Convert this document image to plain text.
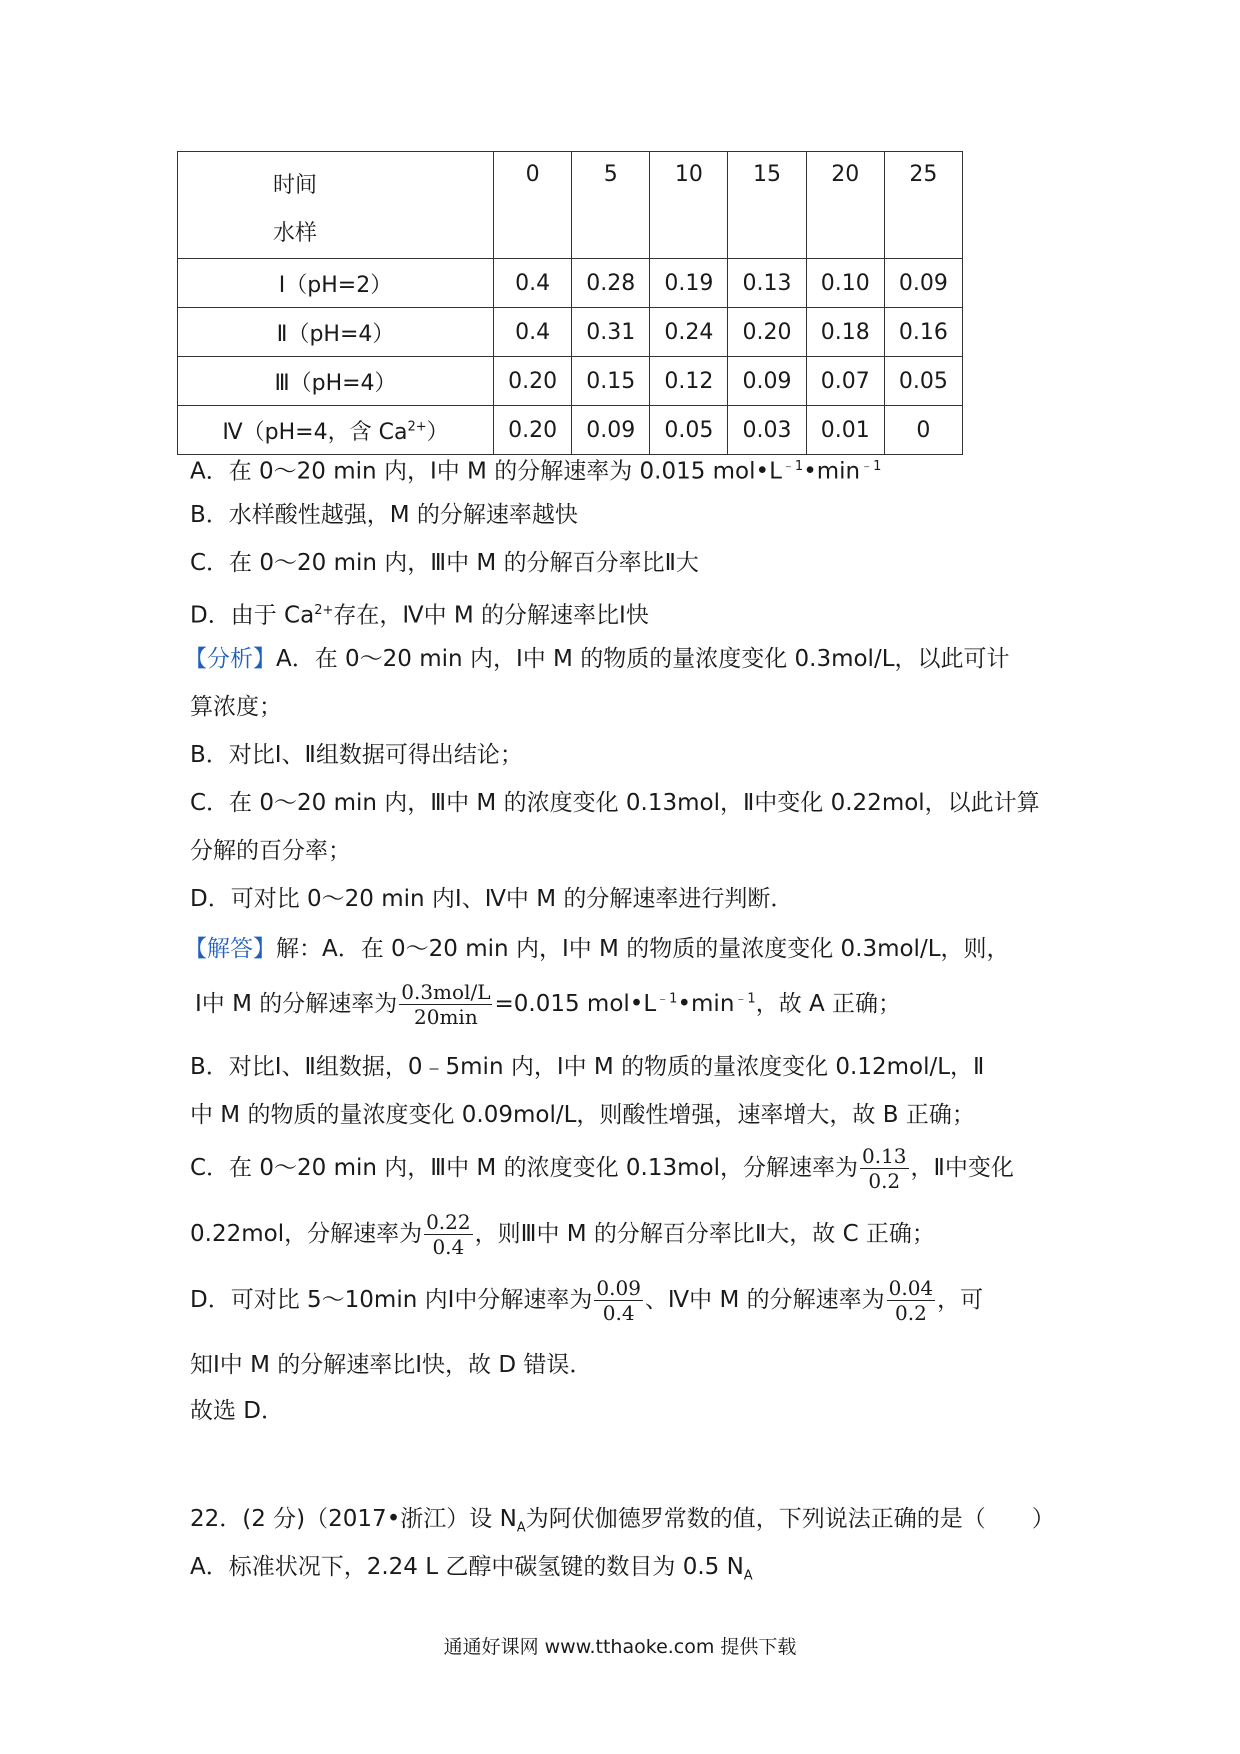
时间
水样	0	5	10	15	20	25
Ⅰ（pH=2）	0.4	0.28	0.19	0.13	0.10	0.09
Ⅱ（pH=4）	0.4	0.31	0.24	0.20	0.18	0.16
Ⅲ（pH=4）	0.20	0.15	0.12	0.09	0.07	0.05
Ⅳ（pH=4，含 $Ca^{2+}$）	0.20	0.09	0.05	0.03	0.01	0
A．在 0～20 min 内，Ⅰ中 M 的分解速率为 0.015 $mol•L^{﹣1}•\min^{﹣1}$
B．水样酸性越强，M 的分解速率越快
C．在 0～20 min 内，Ⅲ中 M 的分解百分率比Ⅱ大
D．由于 $Ca^{2+}$存在，Ⅳ中 M 的分解速率比Ⅰ快
【分析】A．在 0～20 min 内，Ⅰ中 M 的物质的量浓度变化 0.3mol/L，以此可计
算浓度；
B．对比Ⅰ、Ⅱ组数据可得出结论；
C．在 0～20 min 内，Ⅲ中 M 的浓度变化 0.13mol，Ⅱ中变化 0.22mol，以此计算
分解的百分率；
D．可对比 0～20 min 内Ⅰ、Ⅳ中 M 的分解速率进行判断．
【解答】解：A．在 0～20 min 内，Ⅰ中 M 的物质的量浓度变化 0.3mol/L，则，
Ⅰ中 M 的分解速率为 $\frac{\text{0.3mol/L}}{20\min} =0.015$ $mol•L^{﹣1}•\min^{﹣1}$，故 A 正确；
B．对比Ⅰ、Ⅱ组数据，0﹣5min 内，Ⅰ中 M 的物质的量浓度变化 0.12mol/L，Ⅱ
中 M 的物质的量浓度变化 0.09mol/L，则酸性增强，速率增大，故 B 正确；
C．在 0～20 min 内，Ⅲ中 M 的浓度变化 0.13mol，分解速率为 $\frac{0.13}{0.2}$ ，Ⅱ中变化
0.22mol，分解速率为 $\frac{0.22}{0.4}$ ，则Ⅲ中 M 的分解百分率比Ⅱ大，故 C 正确；
D．可对比 5～10min 内Ⅰ中分解速率为 $\frac{0.09}{0.4}$ 、Ⅳ中 M 的分解速率为 $\frac{0.04}{0.2}$ ，可
知Ⅰ中 M 的分解速率比Ⅰ快，故 D 错误．
故选 D．
22．(2 分)（2017•浙江）设 $N_A$为阿伏伽德罗常数的值，下列说法正确的是（　　）
A．标准状况下，2.24 L 乙醇中碳氢键的数目为 0.5 $N_A$
通通好课网 www.tthaoke.com 提供下载
